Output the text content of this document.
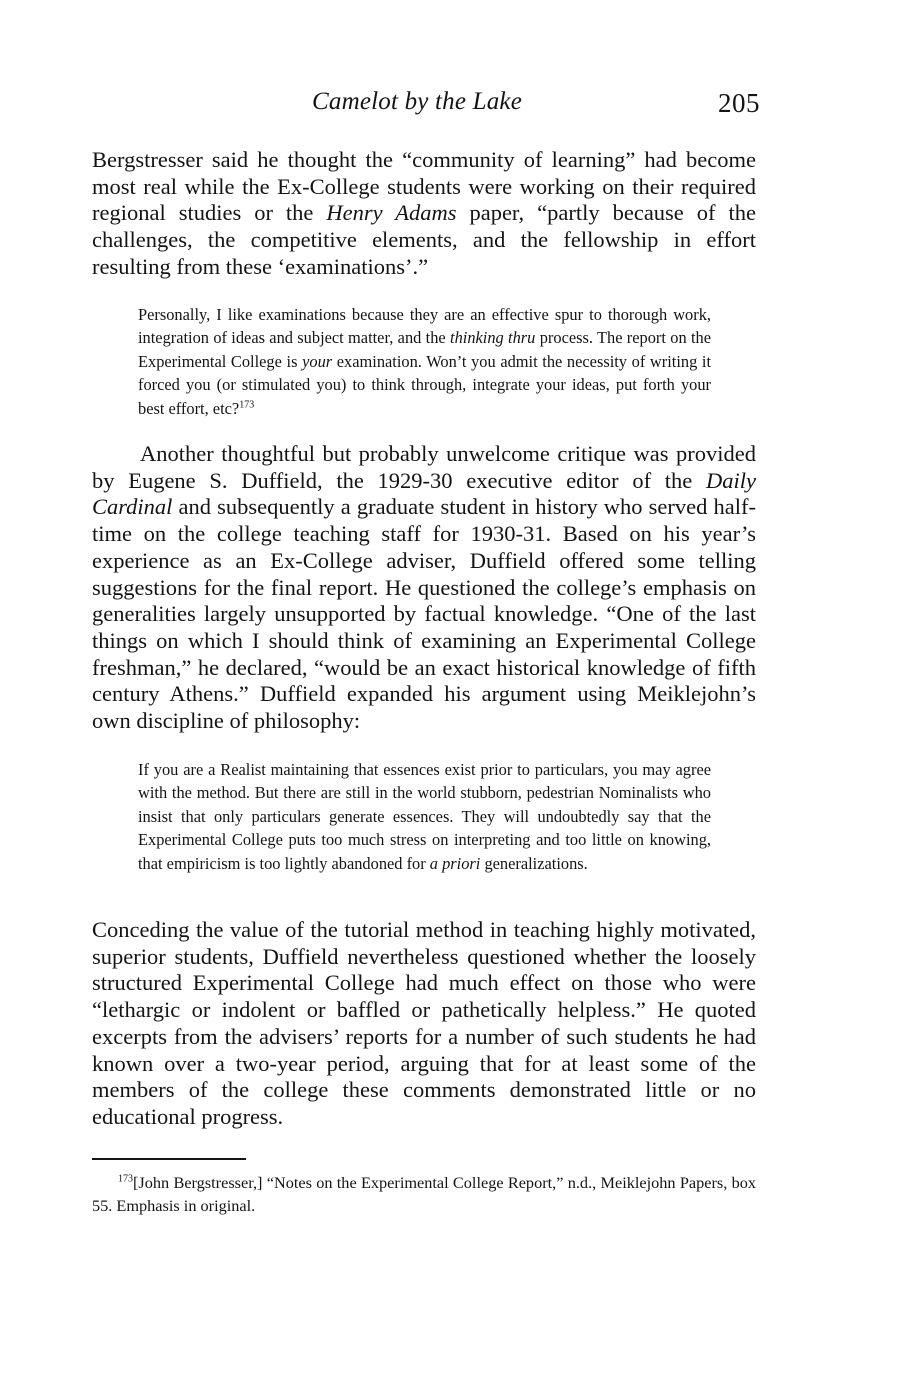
Camelot by the Lake	205

Bergstresser said he thought the “community of learning” had become most real while the Ex-College students were working on their required regional studies or the Henry Adams paper, “partly because of the challenges, the competitive elements, and the fellowship in effort resulting from these ‘examinations’.”

Personally, I like examinations because they are an effective spur to thorough work, integration of ideas and subject matter, and the thinking thru process. The report on the Experimental College is your examination. Won’t you admit the necessity of writing it forced you (or stimulated you) to think through, integrate your ideas, put forth your best effort, etc?$^{173}$

Another thoughtful but probably unwelcome critique was provided by Eugene S. Duffield, the 1929-30 executive editor of the Daily Cardinal and subsequently a graduate student in history who served half-time on the college teaching staff for 1930-31. Based on his year’s experience as an Ex-College adviser, Duffield offered some telling suggestions for the final report. He questioned the college’s emphasis on generalities largely unsupported by factual knowledge. “One of the last things on which I should think of examining an Experimental College freshman,” he declared, “would be an exact historical knowledge of fifth century Athens.” Duffield expanded his argument using Meiklejohn’s own discipline of philosophy:

If you are a Realist maintaining that essences exist prior to particulars, you may agree with the method. But there are still in the world stubborn, pedestrian Nominalists who insist that only particulars generate essences. They will undoubtedly say that the Experimental College puts too much stress on interpreting and too little on knowing, that empiricism is too lightly abandoned for a priori generalizations.

Conceding the value of the tutorial method in teaching highly motivated, superior students, Duffield nevertheless questioned whether the loosely structured Experimental College had much effect on those who were “lethargic or indolent or baffled or pathetically helpless.” He quoted excerpts from the advisers’ reports for a number of such students he had known over a two-year period, arguing that for at least some of the members of the college these comments demonstrated little or no educational progress.

$^{173}$[John Bergstresser,] “Notes on the Experimental College Report,” n.d., Meiklejohn Papers, box 55. Emphasis in original.
